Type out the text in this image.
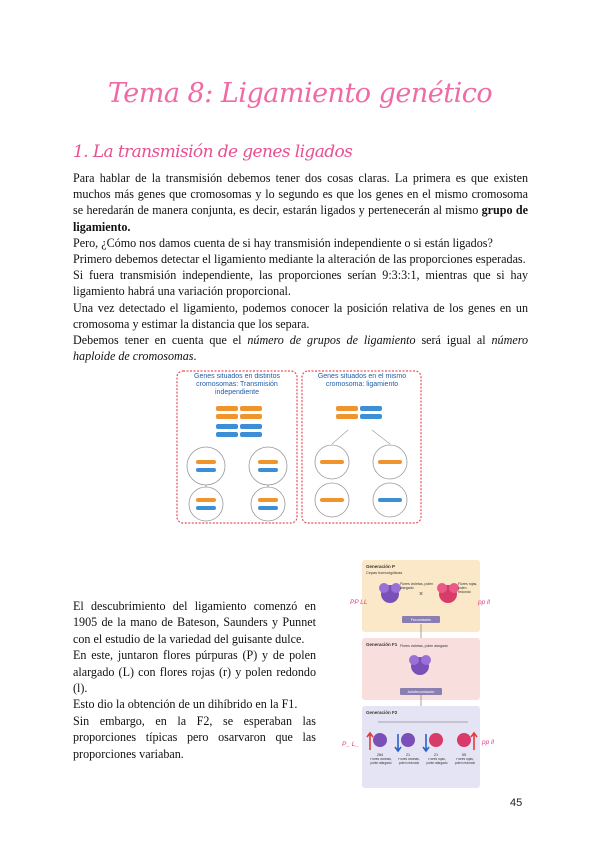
Tema 8: Ligamiento genético
1. La transmisión de genes ligados

Para hablar de la transmisión debemos tener dos cosas claras. La primera es que existen muchos más genes que cromosomas y lo segundo es que los genes en el mismo cromosoma se heredarán de manera conjunta, es decir, estarán ligados y pertenecerán al mismo grupo de ligamiento.

Pero, ¿Cómo nos damos cuenta de si hay transmisión independiente o si están ligados?

Primero debemos detectar el ligamiento mediante la alteración de las proporciones esperadas.

Si fuera transmisión independiente, las proporciones serían 9:3:3:1, mientras que si hay ligamiento habrá una variación proporcional.

Una vez detectado el ligamiento, podemos conocer la posición relativa de los genes en un cromosoma y estimar la distancia que los separa.

Debemos tener en cuenta que el número de grupos de ligamiento será igual al número haploide de cromosomas.

Genes situados en distintos cromosomas: Transmisión independiente
Genes situados en el mismo cromosoma: ligamiento

El descubrimiento del ligamiento comenzó en 1905 de la mano de Bateson, Saunders y Punnet con el estudio de la variedad del guisante dulce.

En este, juntaron flores púrpuras (P) y de polen alargado (L) con flores rojas (r) y polen redondo (l).

Esto dio la obtención de un dihíbrido en la F1.

Sin embargo, en la F2, se esperaban las proporciones típicas pero osarvaron que las proporciones variaban.

Generación P
Cepas homocigóticas
×
Flores violetas, polen alargado
Flores rojas, polen redondo
Fecundación
Generación F1 Flores violetas, polen alargado
Autofecundación
Generación F2
284	21	21	55
Flores violetas, polen alargado
Flores violetas, polen redondo
Flores rojas, polen alargado
Flores rojas, polen redondo
PP LL	pp ll
P_ L_	pp ll
45
